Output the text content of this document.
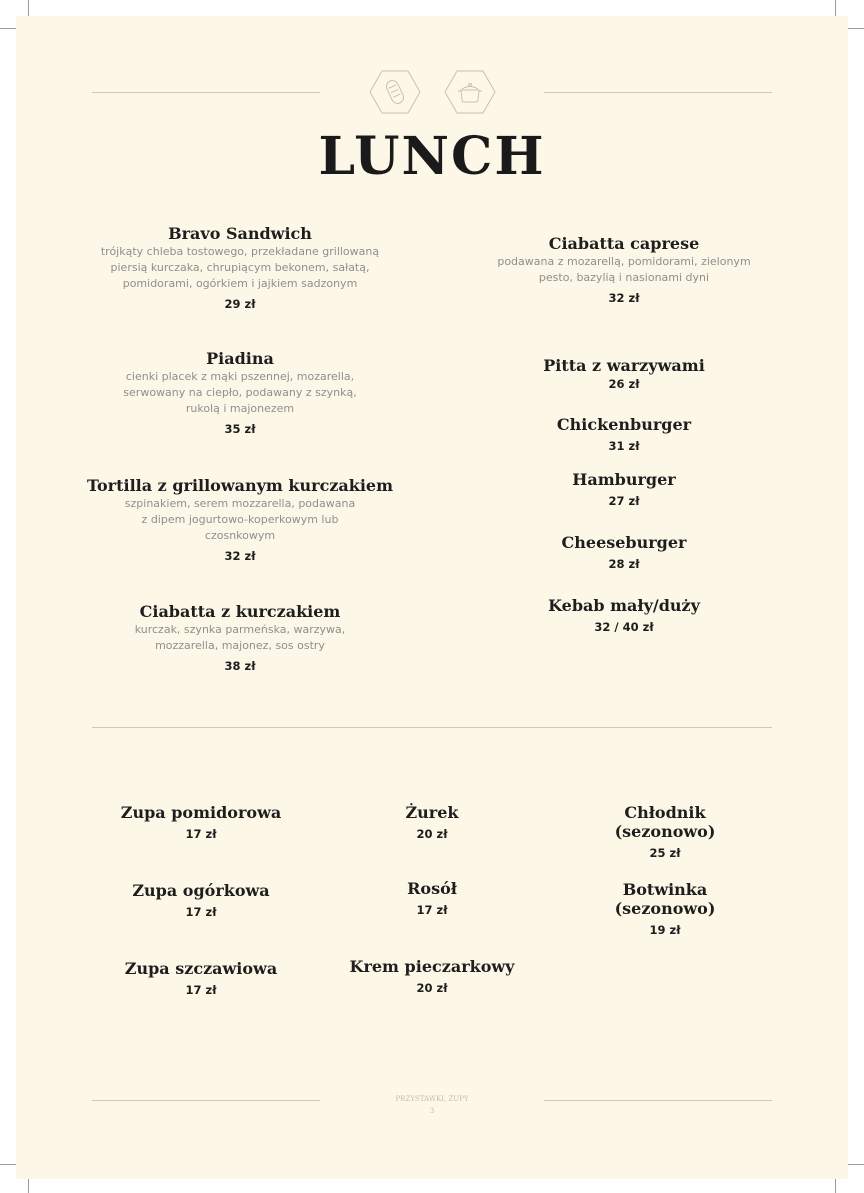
LUNCH
Bravo Sandwich
trójkąty chleba tostowego, przekładane grillowaną
piersią kurczaka, chrupiącym bekonem, sałatą,
pomidorami, ogórkiem i jajkiem sadzonym
29 zł
Ciabatta caprese
podawana z mozarellą, pomidorami, zielonym
pesto, bazylią i nasionami dyni
32 zł
Piadina
cienki placek z mąki pszennej, mozarella,
serwowany na ciepło, podawany z szynką,
rukolą i majonezem
35 zł
Pitta z warzywami
26 zł
Chickenburger
31 zł
Tortilla z grillowanym kurczakiem
szpinakiem, serem mozzarella, podawana
z dipem jogurtowo-koperkowym lub
czosnkowym
32 zł
Hamburger
27 zł
Cheeseburger
28 zł
Ciabatta z kurczakiem
kurczak, szynka parmeńska, warzywa,
mozzarella, majonez, sos ostry
38 zł
Kebab mały/duży
32 / 40 zł
Zupa pomidorowa
17 zł
Żurek
20 zł
Chłodnik
(sezonowo)
25 zł
Zupa ogórkowa
17 zł
Rosół
17 zł
Botwinka
(sezonowo)
19 zł
Zupa szczawiowa
17 zł
Krem pieczarkowy
20 zł
PRZYSTAWKI, ZUPY
3
